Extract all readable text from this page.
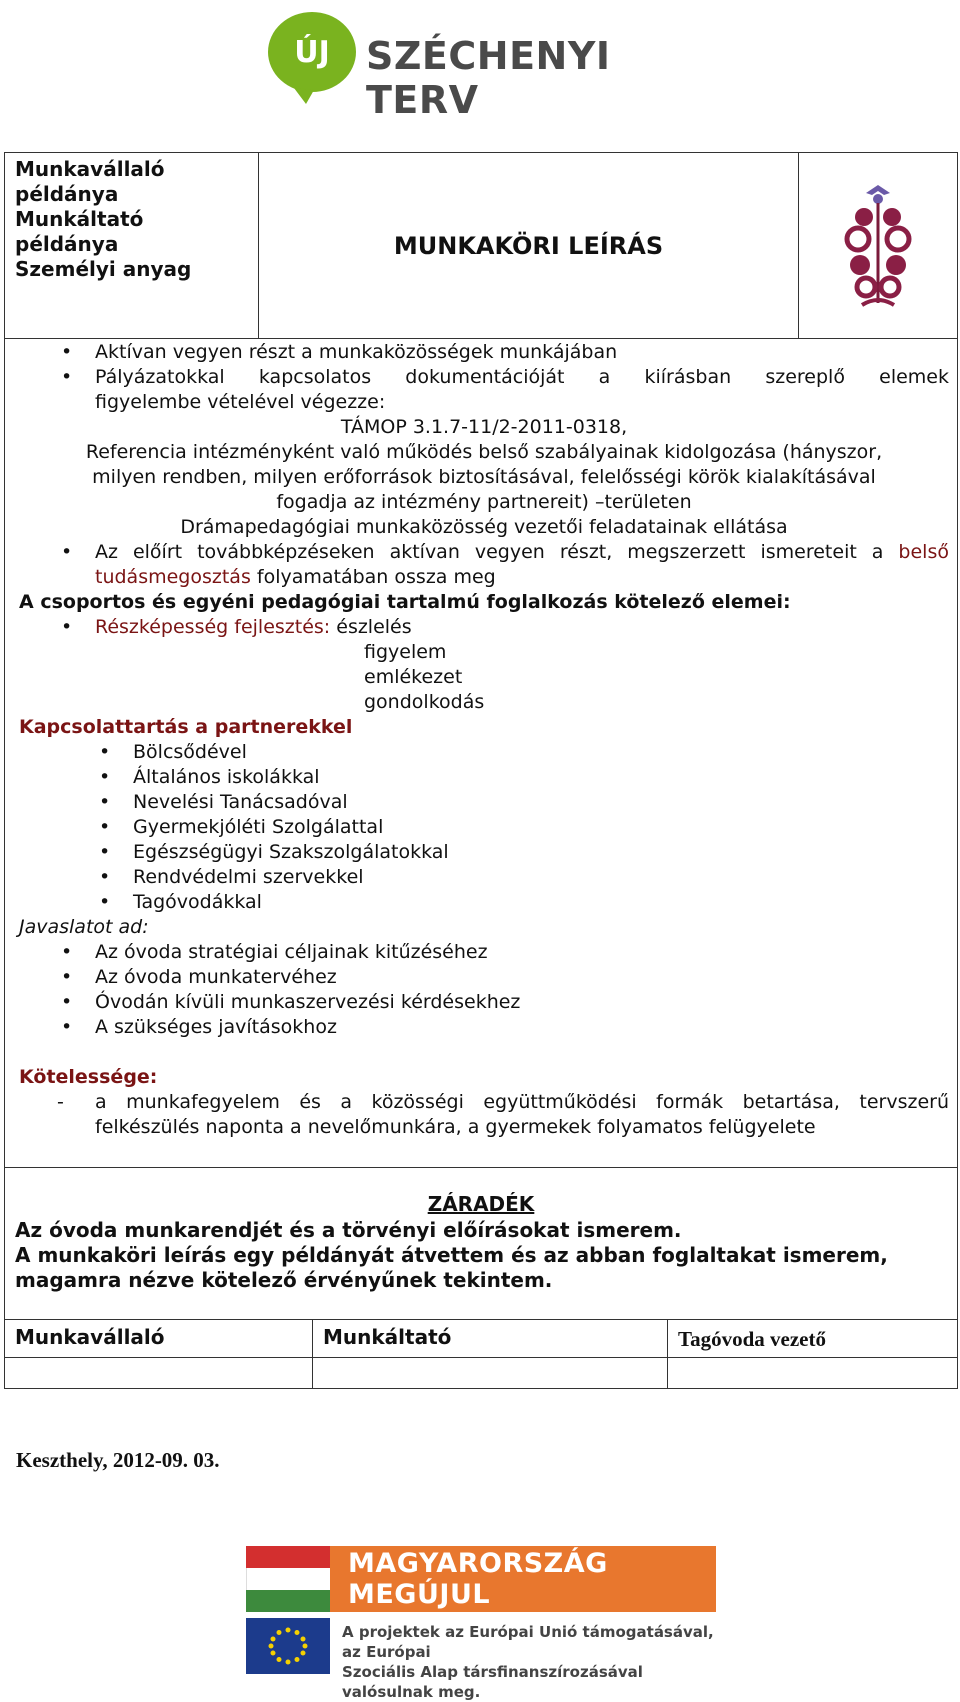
ÚJ SZÉCHENYI TERV
Munkavállaló
példánya
Munkáltató
példánya
Személyi anyag
MUNKAKÖRI LEÍRÁS
• Aktívan vegyen részt a munkaközösségek munkájában
• Pályázatokkal kapcsolatos dokumentációját a kiírásban szereplő elemek
figyelembe vételével végezze:
TÁMOP 3.1.7-11/2-2011-0318,
Referencia intézményként való működés belső szabályainak kidolgozása (hányszor,
milyen rendben, milyen erőforrások biztosításával, felelősségi körök kialakításával
fogadja az intézmény partnereit) –területen
Drámapedagógiai munkaközösség vezetői feladatainak ellátása
• Az előírt továbbképzéseken aktívan vegyen részt, megszerzett ismereteit a belső
tudásmegosztás folyamatában ossza meg
A csoportos és egyéni pedagógiai tartalmú foglalkozás kötelező elemei:
• Részképesség fejlesztés: észlelés
figyelem
emlékezet
gondolkodás
Kapcsolattartás a partnerekkel
• Bölcsődével
• Általános iskolákkal
• Nevelési Tanácsadóval
• Gyermekjóléti Szolgálattal
• Egészségügyi Szakszolgálatokkal
• Rendvédelmi szervekkel
• Tagóvodákkal
Javaslatot ad:
• Az óvoda stratégiai céljainak kitűzéséhez
• Az óvoda munkatervéhez
• Óvodán kívüli munkaszervezési kérdésekhez
• A szükséges javításokhoz
Kötelessége:
- a munkafegyelem és a közösségi együttműködési formák betartása, tervszerű
felkészülés naponta a nevelőmunkára, a gyermekek folyamatos felügyelete
ZÁRADÉK
Az óvoda munkarendjét és a törvényi előírásokat ismerem.
A munkaköri leírás egy példányát átvettem és az abban foglaltakat ismerem,
magamra nézve kötelező érvényűnek tekintem.
Munkavállaló	Munkáltató	Tagóvoda vezető
Keszthely, 2012-09. 03.
MAGYARORSZÁG MEGÚJUL
A projektek az Európai Unió támogatásával, az Európai
Szociális Alap társfinanszírozásával valósulnak meg.
